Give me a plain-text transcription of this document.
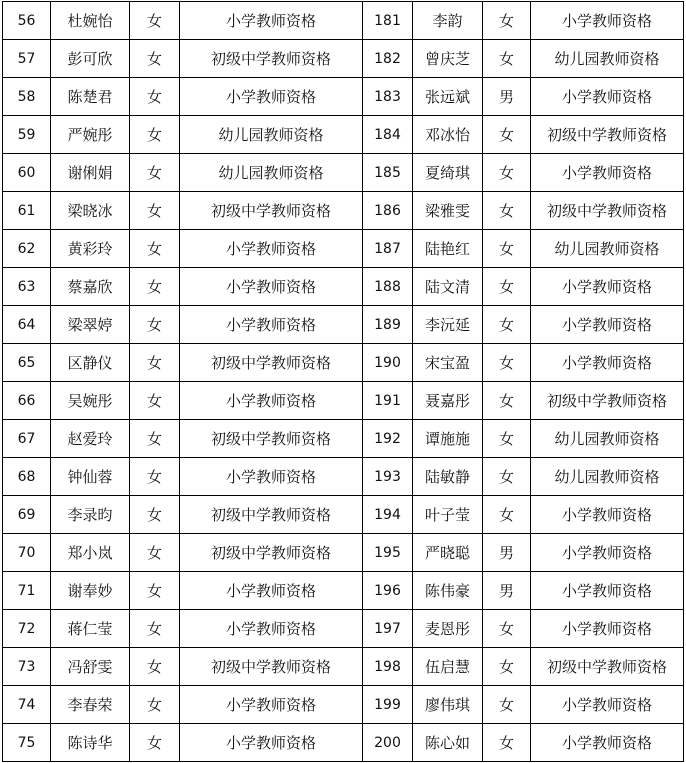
56	杜婉怡	女	小学教师资格	181	李韵	女	小学教师资格
57	彭可欣	女	初级中学教师资格	182	曾庆芝	女	幼儿园教师资格
58	陈楚君	女	小学教师资格	183	张远斌	男	小学教师资格
59	严婉彤	女	幼儿园教师资格	184	邓冰怡	女	初级中学教师资格
60	谢俐娟	女	幼儿园教师资格	185	夏绮琪	女	小学教师资格
61	梁晓冰	女	初级中学教师资格	186	梁雅雯	女	初级中学教师资格
62	黄彩玲	女	小学教师资格	187	陆艳红	女	幼儿园教师资格
63	蔡嘉欣	女	小学教师资格	188	陆文清	女	小学教师资格
64	梁翠婷	女	小学教师资格	189	李沅延	女	小学教师资格
65	区静仪	女	初级中学教师资格	190	宋宝盈	女	小学教师资格
66	吴婉彤	女	小学教师资格	191	聂嘉彤	女	初级中学教师资格
67	赵爱玲	女	初级中学教师资格	192	谭施施	女	幼儿园教师资格
68	钟仙蓉	女	小学教师资格	193	陆敏静	女	幼儿园教师资格
69	李录昀	女	初级中学教师资格	194	叶子莹	女	小学教师资格
70	郑小岚	女	初级中学教师资格	195	严晓聪	男	小学教师资格
71	谢奉妙	女	小学教师资格	196	陈伟豪	男	小学教师资格
72	蒋仁莹	女	小学教师资格	197	麦恩彤	女	小学教师资格
73	冯舒雯	女	初级中学教师资格	198	伍启慧	女	初级中学教师资格
74	李春荣	女	小学教师资格	199	廖伟琪	女	小学教师资格
75	陈诗华	女	小学教师资格	200	陈心如	女	小学教师资格
